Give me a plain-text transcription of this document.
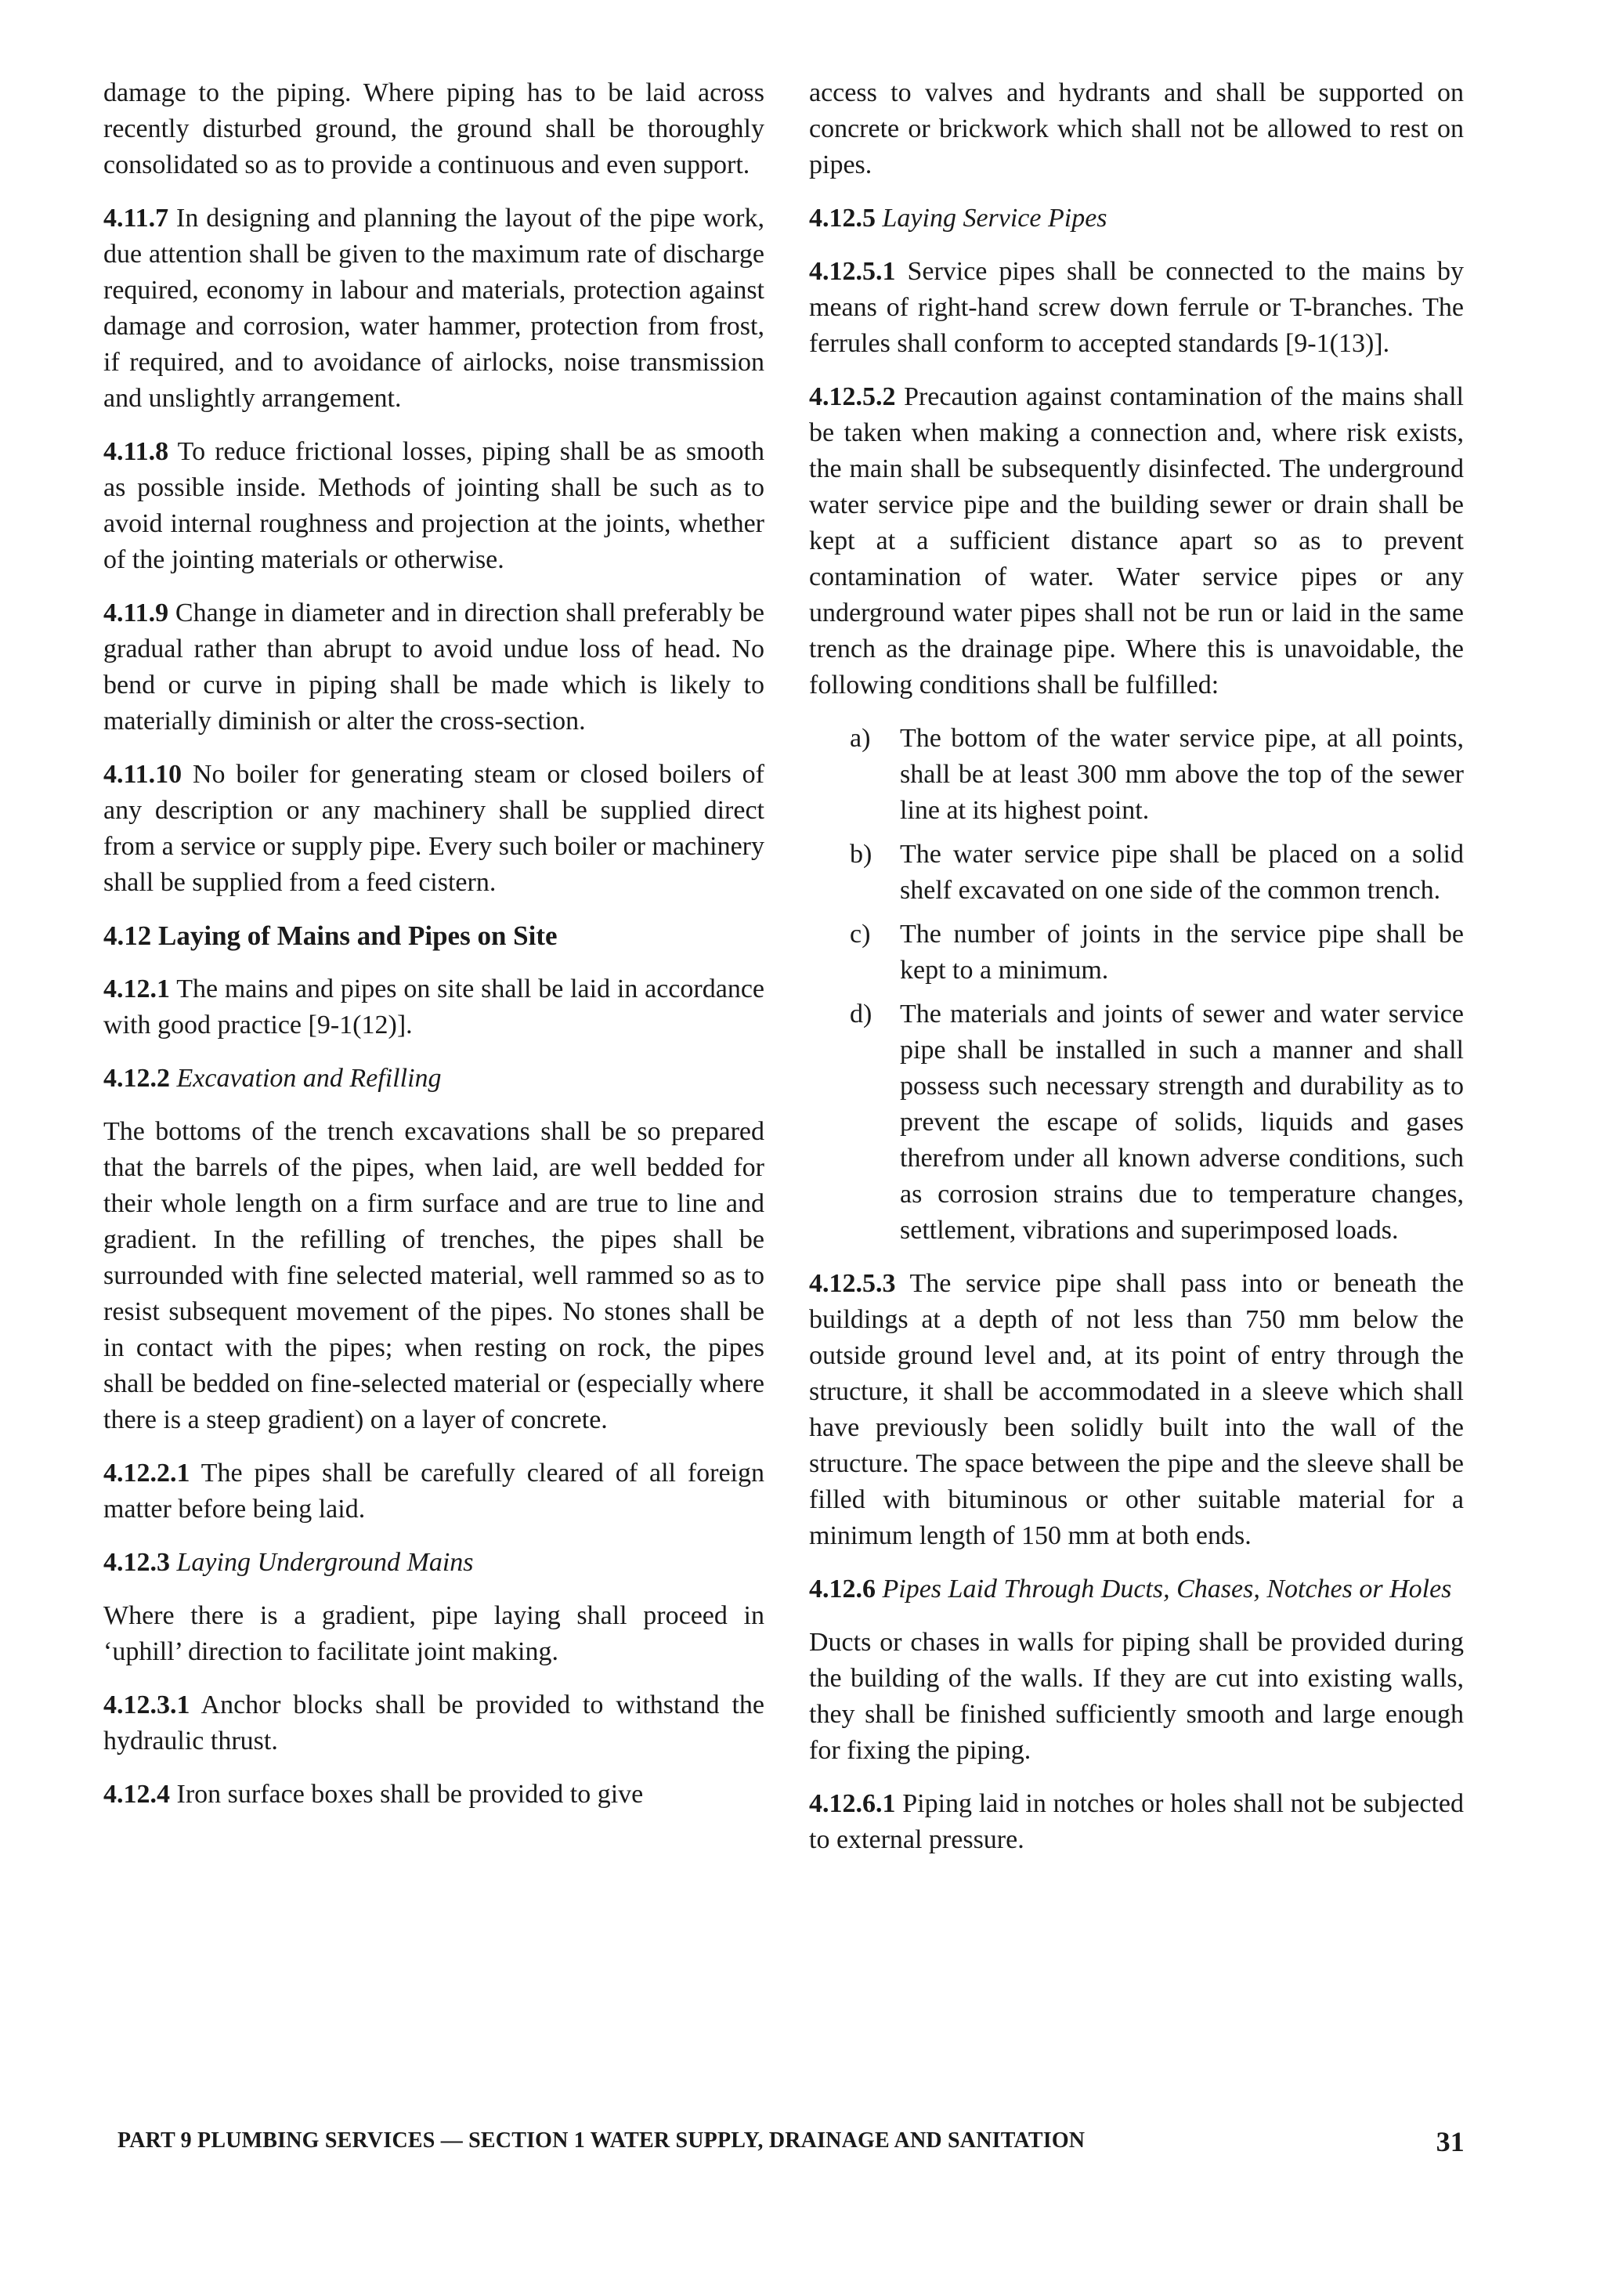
damage to the piping. Where piping has to be laid across recently disturbed ground, the ground shall be thoroughly consolidated so as to provide a continuous and even support.

4.11.7 In designing and planning the layout of the pipe work, due attention shall be given to the maximum rate of discharge required, economy in labour and materials, protection against damage and corrosion, water hammer, protection from frost, if required, and to avoidance of airlocks, noise transmission and unslightly arrangement.

4.11.8 To reduce frictional losses, piping shall be as smooth as possible inside. Methods of jointing shall be such as to avoid internal roughness and projection at the joints, whether of the jointing materials or otherwise.

4.11.9 Change in diameter and in direction shall preferably be gradual rather than abrupt to avoid undue loss of head. No bend or curve in piping shall be made which is likely to materially diminish or alter the cross-section.

4.11.10 No boiler for generating steam or closed boilers of any description or any machinery shall be supplied direct from a service or supply pipe. Every such boiler or machinery shall be supplied from a feed cistern.

4.12 Laying of Mains and Pipes on Site

4.12.1 The mains and pipes on site shall be laid in accordance with good practice [9-1(12)].

4.12.2 Excavation and Refilling

The bottoms of the trench excavations shall be so prepared that the barrels of the pipes, when laid, are well bedded for their whole length on a firm surface and are true to line and gradient. In the refilling of trenches, the pipes shall be surrounded with fine selected material, well rammed so as to resist subsequent movement of the pipes. No stones shall be in contact with the pipes; when resting on rock, the pipes shall be bedded on fine-selected material or (especially where there is a steep gradient) on a layer of concrete.

4.12.2.1 The pipes shall be carefully cleared of all foreign matter before being laid.

4.12.3 Laying Underground Mains

Where there is a gradient, pipe laying shall proceed in ‘uphill’ direction to facilitate joint making.

4.12.3.1 Anchor blocks shall be provided to withstand the hydraulic thrust.

4.12.4 Iron surface boxes shall be provided to give

access to valves and hydrants and shall be supported on concrete or brickwork which shall not be allowed to rest on pipes.

4.12.5 Laying Service Pipes

4.12.5.1 Service pipes shall be connected to the mains by means of right-hand screw down ferrule or T-branches. The ferrules shall conform to accepted standards [9-1(13)].

4.12.5.2 Precaution against contamination of the mains shall be taken when making a connection and, where risk exists, the main shall be subsequently disinfected. The underground water service pipe and the building sewer or drain shall be kept at a sufficient distance apart so as to prevent contamination of water. Water service pipes or any underground water pipes shall not be run or laid in the same trench as the drainage pipe. Where this is unavoidable, the following conditions shall be fulfilled:

a) The bottom of the water service pipe, at all points, shall be at least 300 mm above the top of the sewer line at its highest point.
b) The water service pipe shall be placed on a solid shelf excavated on one side of the common trench.
c) The number of joints in the service pipe shall be kept to a minimum.
d) The materials and joints of sewer and water service pipe shall be installed in such a manner and shall possess such necessary strength and durability as to prevent the escape of solids, liquids and gases therefrom under all known adverse conditions, such as corrosion strains due to temperature changes, settlement, vibrations and superimposed loads.

4.12.5.3 The service pipe shall pass into or beneath the buildings at a depth of not less than 750 mm below the outside ground level and, at its point of entry through the structure, it shall be accommodated in a sleeve which shall have previously been solidly built into the wall of the structure. The space between the pipe and the sleeve shall be filled with bituminous or other suitable material for a minimum length of 150 mm at both ends.

4.12.6 Pipes Laid Through Ducts, Chases, Notches or Holes

Ducts or chases in walls for piping shall be provided during the building of the walls. If they are cut into existing walls, they shall be finished sufficiently smooth and large enough for fixing the piping.

4.12.6.1 Piping laid in notches or holes shall not be subjected to external pressure.

PART 9 PLUMBING SERVICES — SECTION 1 WATER SUPPLY, DRAINAGE AND SANITATION	31
